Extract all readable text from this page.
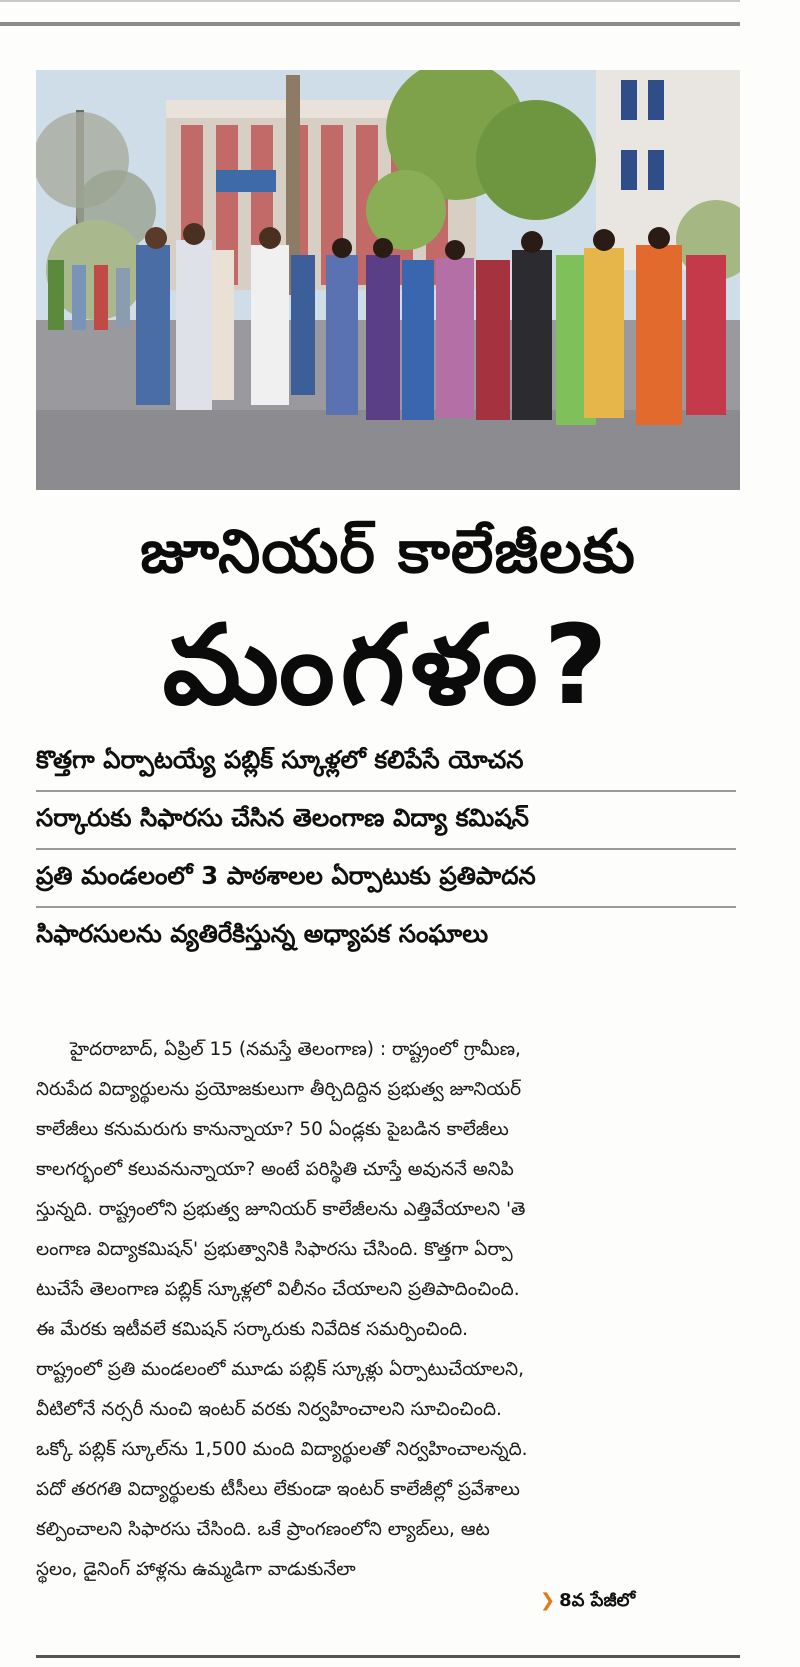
జూనియర్ కాలేజీలకు
మంగళం?
కొత్తగా ఏర్పాటయ్యే పబ్లిక్ స్కూళ్లలో కలిపేసే యోచన
సర్కారుకు సిఫారసు చేసిన తెలంగాణ విద్యా కమిషన్
ప్రతి మండలంలో 3 పాఠశాలల ఏర్పాటుకు ప్రతిపాదన
సిఫారసులను వ్యతిరేకిస్తున్న అధ్యాపక సంఘాలు
హైదరాబాద్, ఏప్రిల్ 15 (నమస్తే తెలంగాణ) : రాష్ట్రంలో గ్రామీణ,
నిరుపేద విద్యార్థులను ప్రయోజకులుగా తీర్చిదిద్దిన ప్రభుత్వ జూనియర్
కాలేజీలు కనుమరుగు కానున్నాయా? 50 ఏండ్లకు పైబడిన కాలేజీలు
కాలగర్భంలో కలువనున్నాయా? అంటే పరిస్థితి చూస్తే అవుననే అనిపి
స్తున్నది. రాష్ట్రంలోని ప్రభుత్వ జూనియర్ కాలేజీలను ఎత్తివేయాలని 'తె
లంగాణ విద్యాకమిషన్' ప్రభుత్వానికి సిఫారసు చేసింది. కొత్తగా ఏర్పా
టుచేసే తెలంగాణ పబ్లిక్ స్కూళ్లలో విలీనం చేయాలని ప్రతిపాదించింది.
ఈ మేరకు ఇటీవలే కమిషన్ సర్కారుకు నివేదిక సమర్పించింది.
రాష్ట్రంలో ప్రతి మండలంలో మూడు పబ్లిక్ స్కూళ్లు ఏర్పాటుచేయాలని,
వీటిలోనే నర్సరీ నుంచి ఇంటర్ వరకు నిర్వహించాలని సూచించింది.
ఒక్కో పబ్లిక్ స్కూల్‌ను 1,500 మంది విద్యార్థులతో నిర్వహించాలన్నది.
పదో తరగతి విద్యార్థులకు టీసీలు లేకుండా ఇంటర్ కాలేజీల్లో ప్రవేశాలు
కల్పించాలని సిఫారసు చేసింది. ఒకే ప్రాంగణంలోని ల్యాబ్‌లు, ఆట
స్థలం, డైనింగ్ హాళ్లను ఉమ్మడిగా వాడుకునేలా
❯ 8వ పేజీలో
